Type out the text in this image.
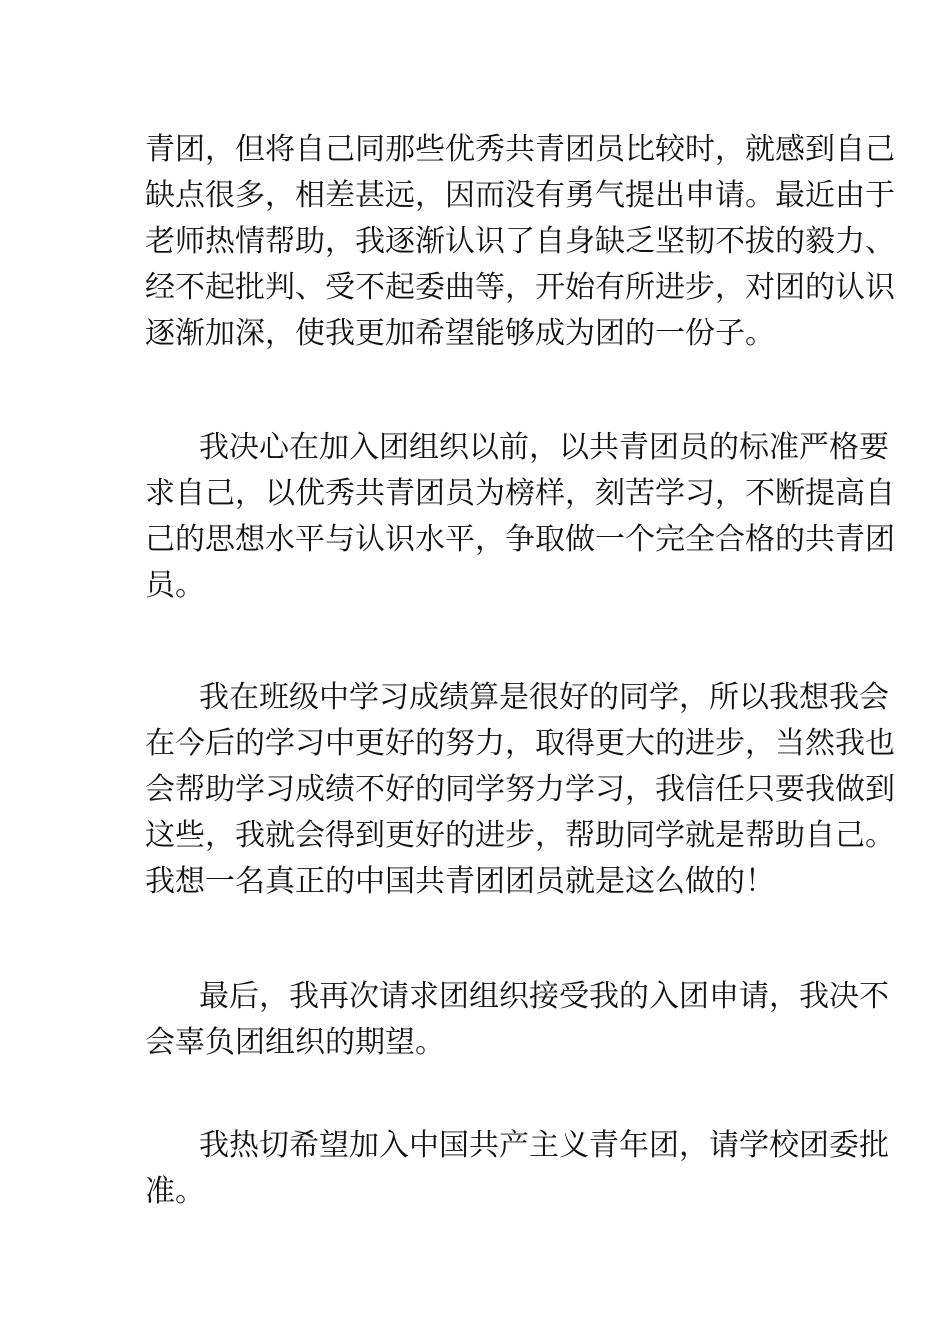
青团，但将自己同那些优秀共青团员比较时，就感到自己
缺点很多，相差甚远，因而没有勇气提出申请。最近由于
老师热情帮助，我逐渐认识了自身缺乏坚韧不拔的毅力、
经不起批判、受不起委曲等，开始有所进步，对团的认识
逐渐加深，使我更加希望能够成为团的一份子。
我决心在加入团组织以前，以共青团员的标准严格要
求自己，以优秀共青团员为榜样，刻苦学习，不断提高自
己的思想水平与认识水平，争取做一个完全合格的共青团
员。
我在班级中学习成绩算是很好的同学，所以我想我会
在今后的学习中更好的努力，取得更大的进步，当然我也
会帮助学习成绩不好的同学努力学习，我信任只要我做到
这些，我就会得到更好的进步，帮助同学就是帮助自己。
我想一名真正的中国共青团团员就是这么做的！
最后，我再次请求团组织接受我的入团申请，我决不
会辜负团组织的期望。
我热切希望加入中国共产主义青年团，请学校团委批
准。
